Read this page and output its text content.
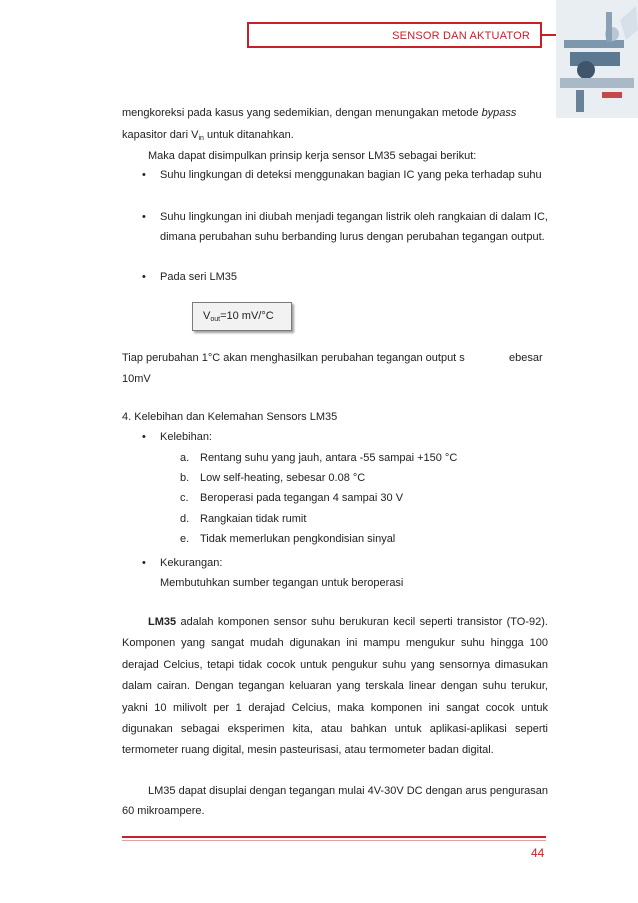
SENSOR DAN AKTUATOR
mengkoreksi pada kasus yang sedemikian, dengan menungakan metode bypass
kapasitor dari $V_{in}$ untuk ditanahkan.
Maka dapat disimpulkan prinsip kerja sensor LM35 sebagai berikut:
• Suhu lingkungan di deteksi menggunakan bagian IC yang peka terhadap suhu
• Suhu lingkungan ini diubah menjadi tegangan listrik oleh rangkaian di dalam IC, dimana perubahan suhu berbanding lurus dengan perubahan tegangan output.
• Pada seri LM35
$V_{out}=10$ mV/°C
Tiap perubahan 1°C akan menghasilkan perubahan tegangan output s	ebesar
10mV
4. Kelebihan dan Kelemahan Sensors LM35
• Kelebihan:
a. Rentang suhu yang jauh, antara -55 sampai +150 °C
b. Low self-heating, sebesar 0.08 °C
c.	Beroperasi pada tegangan 4 sampai 30 V
d. Rangkaian tidak rumit
e. Tidak memerlukan pengkondisian sinyal
• Kekurangan:
Membutuhkan sumber tegangan untuk beroperasi
LM35 adalah komponen sensor suhu berukuran kecil seperti transistor (TO-92). Komponen yang sangat mudah digunakan ini mampu mengukur suhu hingga 100 derajad Celcius, tetapi tidak cocok untuk pengukur suhu yang sensornya dimasukan dalam cairan. Dengan tegangan keluaran yang terskala linear dengan suhu terukur, yakni 10 milivolt per 1 derajad Celcius, maka komponen ini sangat cocok untuk digunakan sebagai eksperimen kita, atau bahkan untuk aplikasi-aplikasi seperti termometer ruang digital, mesin pasteurisasi, atau termometer badan digital.
LM35 dapat disuplai dengan tegangan mulai 4V-30V DC dengan arus pengurasan 60 mikroampere.
44
